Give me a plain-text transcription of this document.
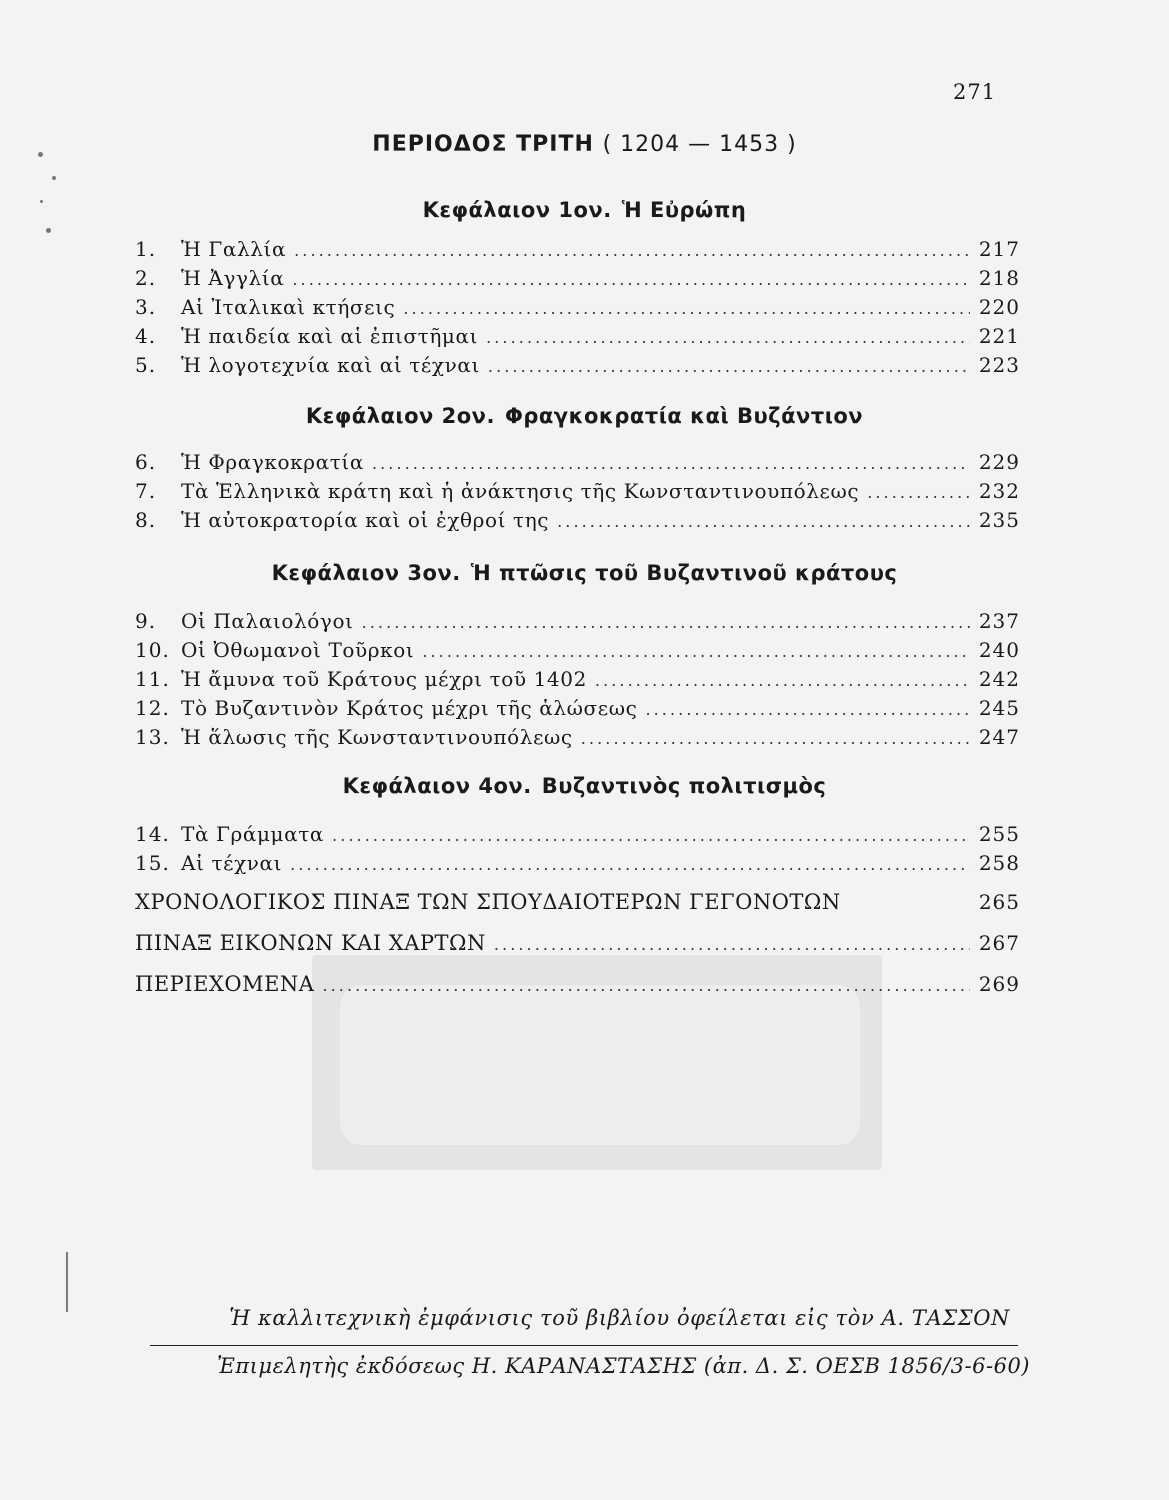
271
ΠΕΡΙΟΔΟΣ ΤΡΙΤΗ ( 1204 — 1453 )
Κεφάλαιον 1ον. Ἡ Εὐρώπη
1.	Ἡ Γαλλία . . .	217
2.	Ἡ Ἀγγλία . . .	218
3.	Αἱ Ἰταλικαὶ κτήσεις . . .	220
4.	Ἡ παιδεία καὶ αἱ ἐπιστῆμαι . . .	221
5.	Ἡ λογοτεχνία καὶ αἱ τέχναι . . .	223
Κεφάλαιον 2ον. Φραγκοκρατία καὶ Βυζάντιον
6.	Ἡ Φραγκοκρατία . . .	229
7.	Τὰ Ἑλληνικὰ κράτη καὶ ἡ ἀνάκτησις τῆς Κωνσταντινουπόλεως . . .	232
8.	Ἡ αὐτοκρατορία καὶ οἱ ἐχθροί της . . .	235
Κεφάλαιον 3ον. Ἡ πτῶσις τοῦ Βυζαντινοῦ κράτους
9.	Οἱ Παλαιολόγοι . . .	237
10. Οἱ Ὀθωμανοὶ Τοῦρκοι . . .	240
11. Ἡ ἄμυνα τοῦ Κράτους μέχρι τοῦ 1402 . . .	242
12. Τὸ Βυζαντινὸν Κράτος μέχρι τῆς ἁλώσεως . . .	245
13. Ἡ ἅλωσις τῆς Κωνσταντινουπόλεως . . .	247
Κεφάλαιον 4ον. Βυζαντινὸς πολιτισμὸς
14. Τὰ Γράμματα . . .	255
15. Αἱ τέχναι . . .	258
ΧΡΟΝΟΛΟΓΙΚΟΣ ΠΙΝΑΞ ΤΩΝ ΣΠΟΥΔΑΙΟΤΕΡΩΝ ΓΕΓΟΝΟΤΩΝ	265
ΠΙΝΑΞ ΕΙΚΟΝΩΝ ΚΑΙ ΧΑΡΤΩΝ . . .	267
ΠΕΡΙΕΧΟΜΕΝΑ . . .	269
Ἡ καλλιτεχνικὴ ἐμφάνισις τοῦ βιβλίου ὀφείλεται εἰς τὸν Α. ΤΑΣΣΟΝ
Ἐπιμελητὴς ἐκδόσεως Η. ΚΑΡΑΝΑΣΤΑΣΗΣ (ἀπ. Δ. Σ. ΟΕΣΒ 1856/3-6-60)
